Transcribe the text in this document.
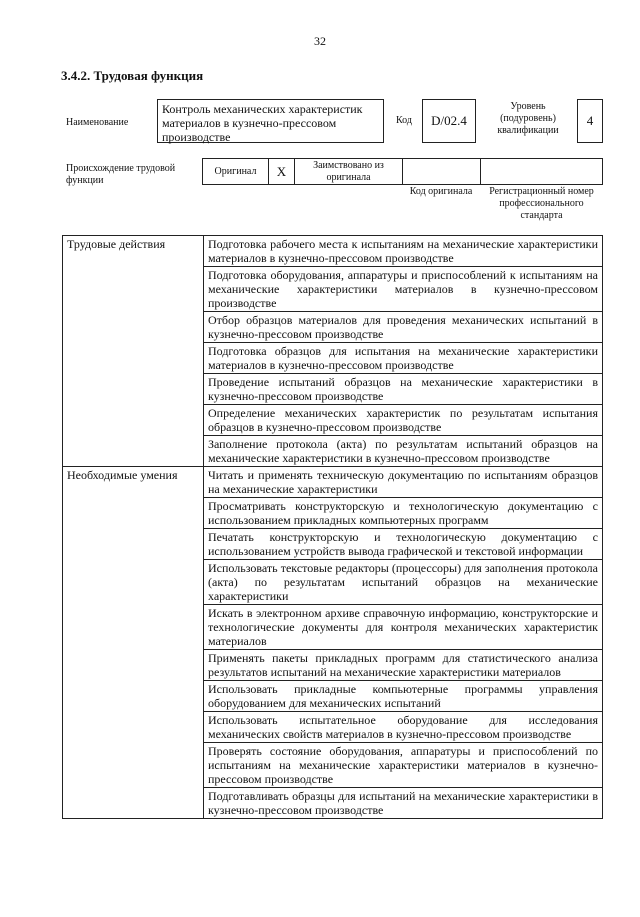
32
3.4.2. Трудовая функция
Наименование
Контроль механических характеристик материалов в кузнечно-прессовом производстве
Код	D/02.4
Уровень (подуровень) квалификации
4
Происхождение трудовой функции
Оригинал	X	Заимствовано из оригинала
Код оригинала	Регистрационный номер профессионального стандарта
Трудовые действия	Подготовка рабочего места к испытаниям на механические характеристики материалов в кузнечно-прессовом производстве
	Подготовка оборудования, аппаратуры и приспособлений к испытаниям на механические характеристики материалов в кузнечно-прессовом производстве
	Отбор образцов материалов для проведения механических испытаний в кузнечно-прессовом производстве
	Подготовка образцов для испытания на механические характеристики материалов в кузнечно-прессовом производстве
	Проведение испытаний образцов на механические характеристики в кузнечно-прессовом производстве
	Определение механических характеристик по результатам испытания образцов в кузнечно-прессовом производстве
	Заполнение протокола (акта) по результатам испытаний образцов на механические характеристики в кузнечно-прессовом производстве
Необходимые умения	Читать и применять техническую документацию по испытаниям образцов на механические характеристики
	Просматривать конструкторскую и технологическую документацию с использованием прикладных компьютерных программ
	Печатать конструкторскую и технологическую документацию с использованием устройств вывода графической и текстовой информации
	Использовать текстовые редакторы (процессоры) для заполнения протокола (акта) по результатам испытаний образцов на механические характеристики
	Искать в электронном архиве справочную информацию, конструкторские и технологические документы для контроля механических характеристик материалов
	Применять пакеты прикладных программ для статистического анализа результатов испытаний на механические характеристики материалов
	Использовать прикладные компьютерные программы управления оборудованием для механических испытаний
	Использовать испытательное оборудование для исследования механических свойств материалов в кузнечно-прессовом производстве
	Проверять состояние оборудования, аппаратуры и приспособлений по испытаниям на механические характеристики материалов в кузнечно-прессовом производстве
	Подготавливать образцы для испытаний на механические характеристики в кузнечно-прессовом производстве
